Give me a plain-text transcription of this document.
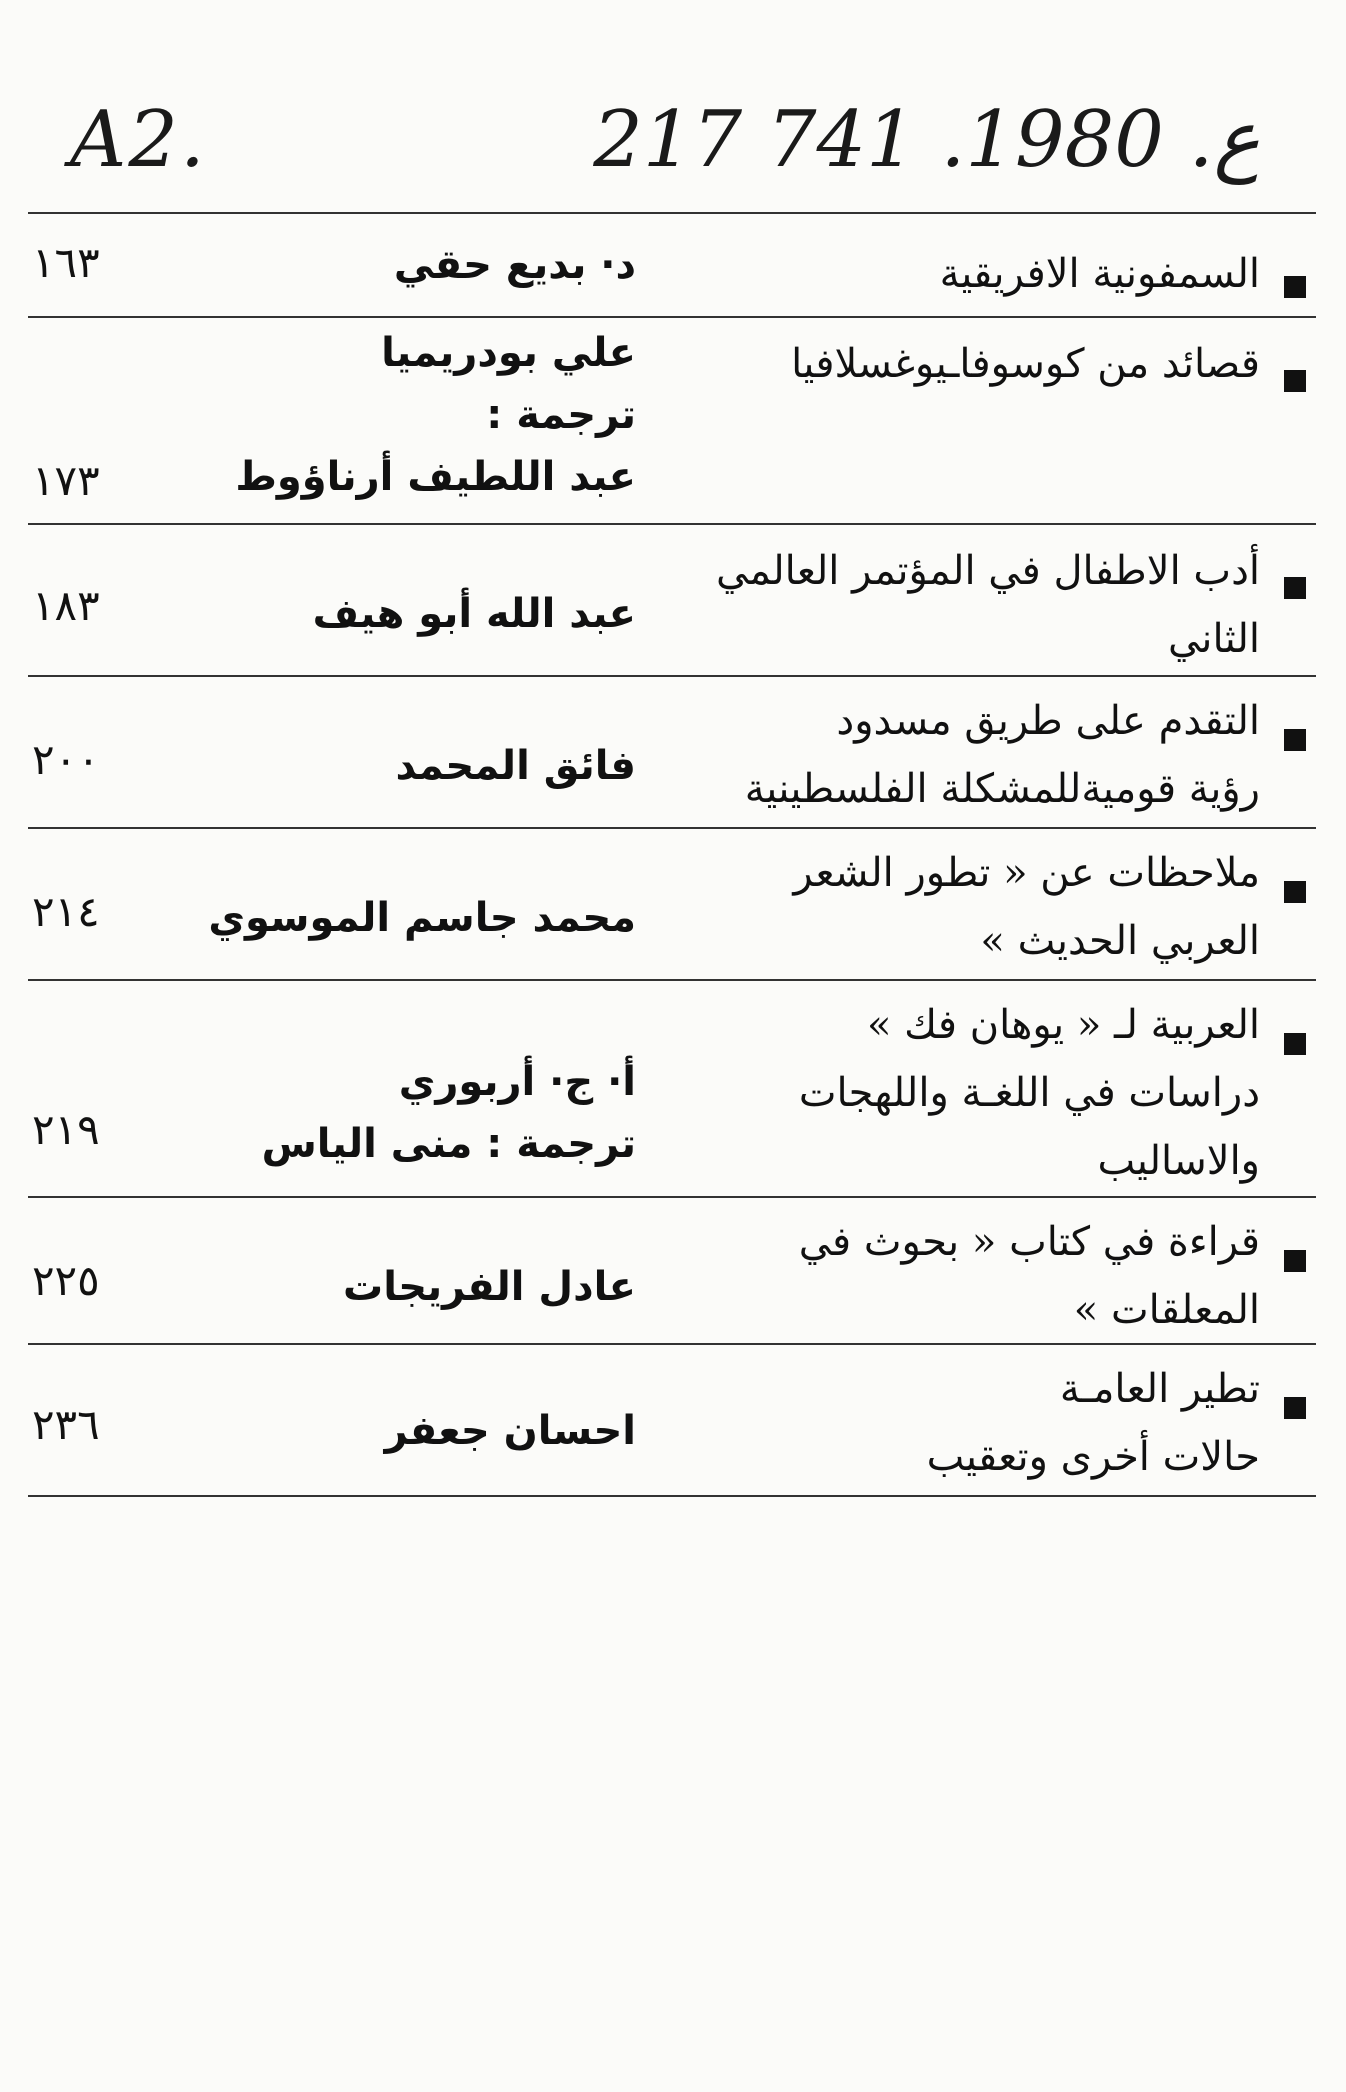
A2.	217 ع. 1980. 741
السمفونية الافريقية
د· بديع حقي
١٦٣
قصائد من كوسوفاـيوغسلافيا
علي بودريميا
ترجمة :
عبد اللطيف أرناؤوط
١٧٣
أدب الاطفال في المؤتمر العالمي
الثاني
عبد الله أبو هيف
١٨٣
التقدم على طريق مسدود
رؤية قوميةللمشكلة الفلسطينية
فائق المحمد
٢٠٠
ملاحظات عن « تطور الشعر
العربي الحديث »
محمد جاسم الموسوي
٢١٤
العربية لـ « يوهان فك »
دراسات في اللغـة واللهجات
والاساليب
أ· ج· أربوري
ترجمة : منى الياس
٢١٩
قراءة في كتاب « بحوث في
المعلقات »
عادل الفريجات
٢٢٥
تطير العامـة
حالات أخرى وتعقيب
احسان جعفر
٢٣٦
